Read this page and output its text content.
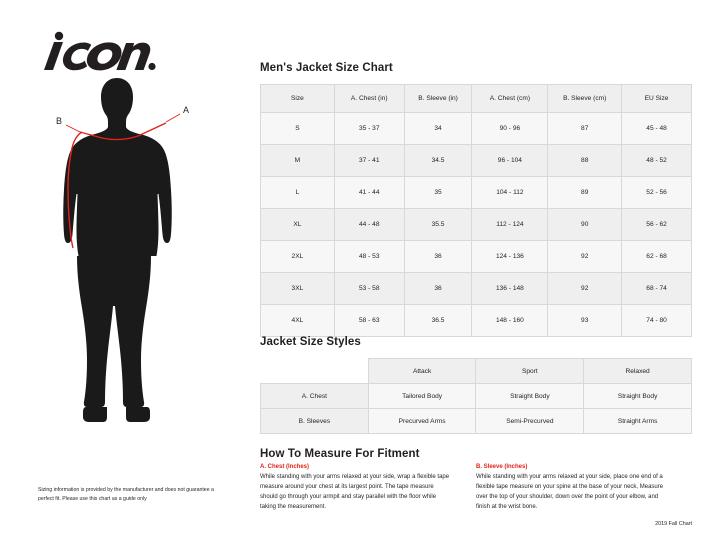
A
B
Sizing information is provided by the manufacturer and does not guarantee a perfect fit. Please use this chart as a guide only
Men's Jacket Size Chart
Size	A. Chest (in)	B. Sleeve (in)	A. Chest (cm)	B. Sleeve (cm)	EU Size
S	35 - 37	34	90 - 96	87	45 - 48
M	37 - 41	34.5	96 - 104	88	48 - 52
L	41 - 44	35	104 - 112	89	52 - 56
XL	44 - 48	35.5	112 - 124	90	56 - 62
2XL	48 - 53	36	124 - 136	92	62 - 68
3XL	53 - 58	36	136 - 148	92	68 - 74
4XL	58 - 63	36.5	148 - 160	93	74 - 80
Jacket Size Styles
	Attack	Sport	Relaxed
A. Chest	Tailored Body	Straight Body	Straight Body
B. Sleeves	Precurved Arms	Semi-Precurved	Straight Arms
How To Measure For Fitment
A. Chest (Inches)
While standing with your arms relaxed at your side, wrap a flexible tape measure around your chest at its largest point. The tape measure should go through your armpit and stay parallel with the floor while taking the measurement.
B. Sleeve (Inches)
While standing with your arms relaxed at your side, place one end of a flexible tape measure on your spine at the base of your neck, Measure over the top of your shoulder, down over the point of your elbow, and finish at the wrist bone.
2019 Fall Chart
